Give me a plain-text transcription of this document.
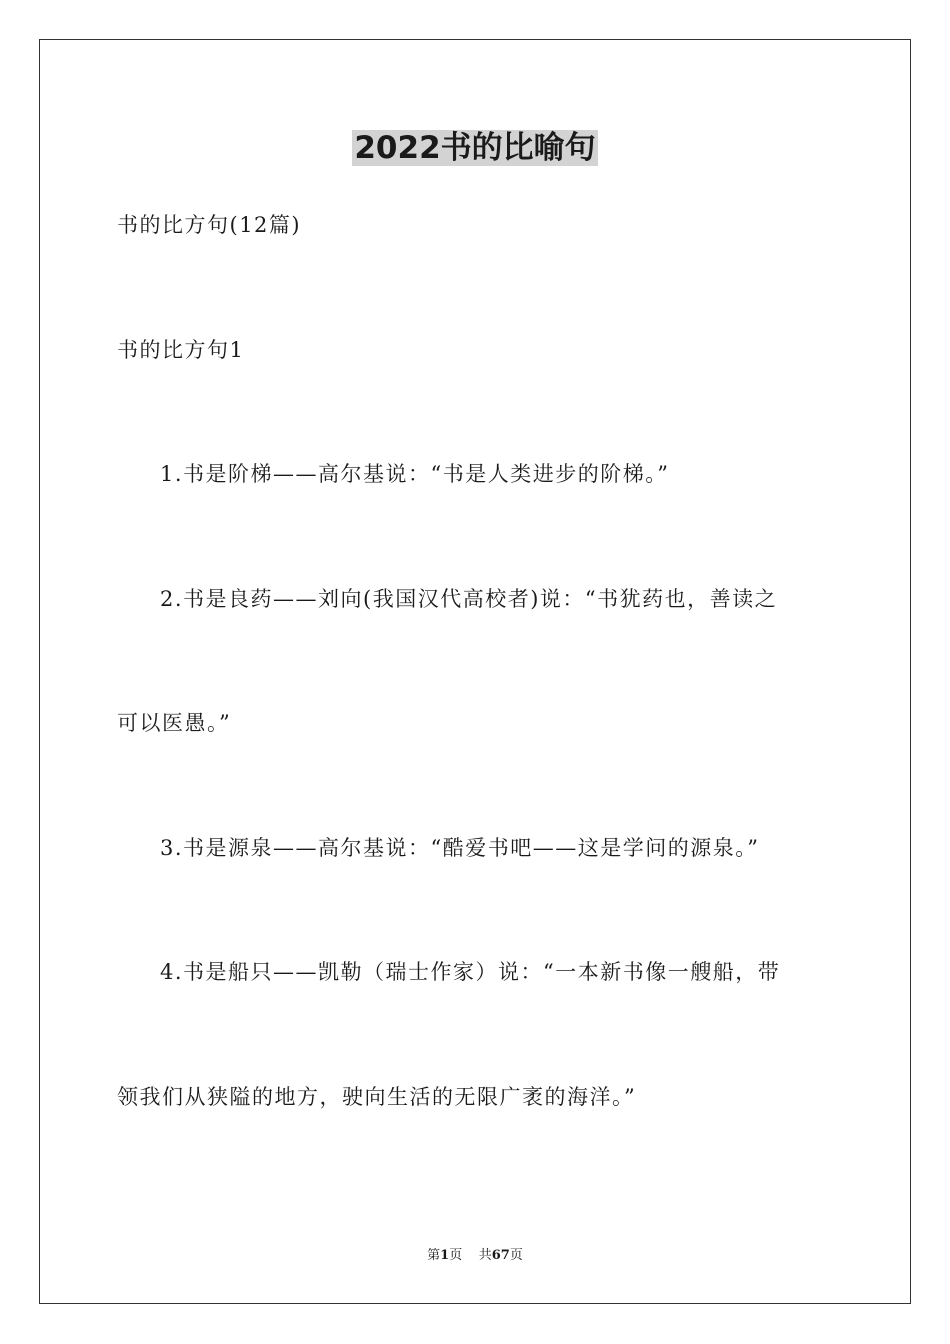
2022书的比喻句
书的比方句(12篇)
书的比方句1
1.书是阶梯——高尔基说：“书是人类进步的阶梯。”
2.书是良药——刘向(我国汉代高校者)说：“书犹药也，善读之
可以医愚。”
3.书是源泉——高尔基说：“酷爱书吧——这是学问的源泉。”
4.书是船只——凯勒（瑞士作家）说：“一本新书像一艘船，带
领我们从狭隘的地方，驶向生活的无限广袤的海洋。”
第1页 共67页
